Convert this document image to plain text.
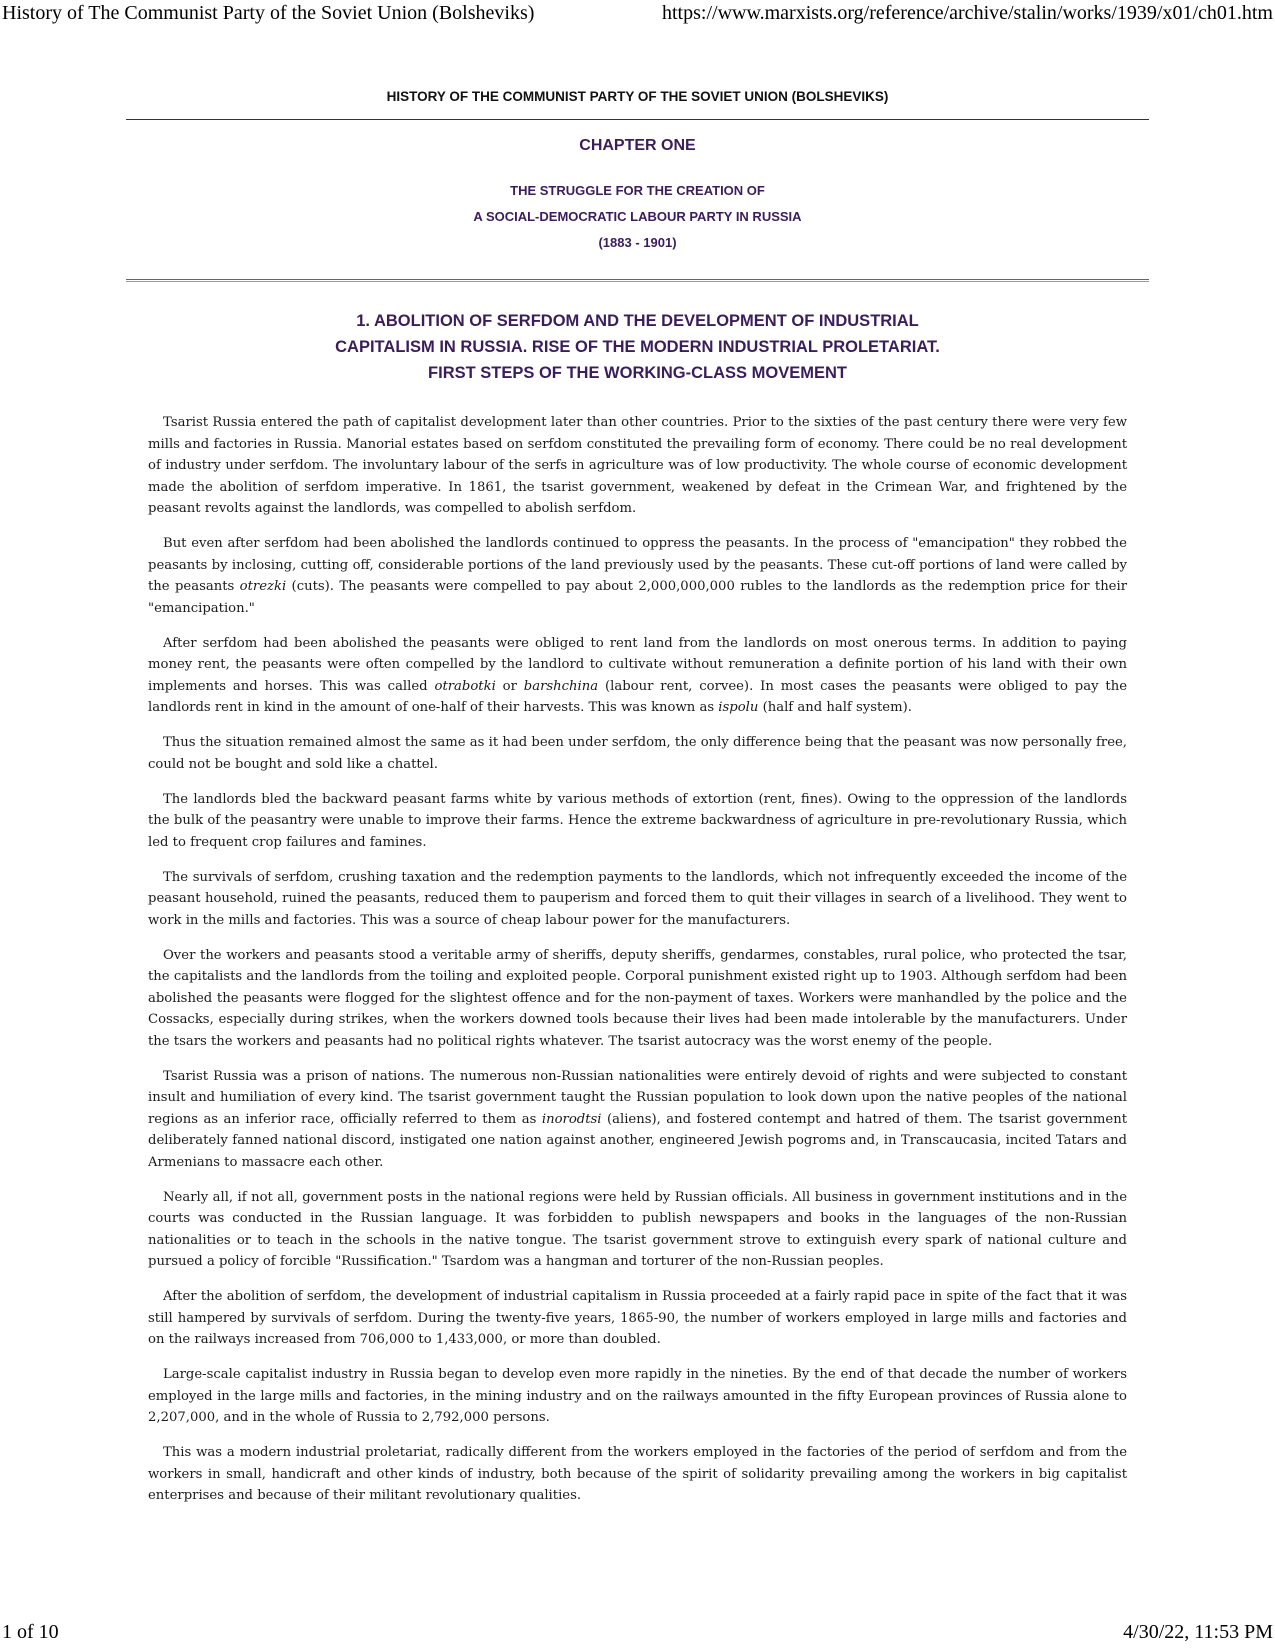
History of The Communist Party of the Soviet Union (Bolsheviks)	https://www.marxists.org/reference/archive/stalin/works/1939/x01/ch01.htm
HISTORY OF THE COMMUNIST PARTY OF THE SOVIET UNION (BOLSHEVIKS)
CHAPTER ONE
THE STRUGGLE FOR THE CREATION OF
A SOCIAL-DEMOCRATIC LABOUR PARTY IN RUSSIA
(1883 - 1901)
1. ABOLITION OF SERFDOM AND THE DEVELOPMENT OF INDUSTRIAL
CAPITALISM IN RUSSIA. RISE OF THE MODERN INDUSTRIAL PROLETARIAT.
FIRST STEPS OF THE WORKING-CLASS MOVEMENT

Tsarist Russia entered the path of capitalist development later than other countries. Prior to the sixties of the past century there were very few mills and factories in Russia. Manorial estates based on serfdom constituted the prevailing form of economy. There could be no real development of industry under serfdom. The involuntary labour of the serfs in agriculture was of low productivity. The whole course of economic development made the abolition of serfdom imperative. In 1861, the tsarist government, weakened by defeat in the Crimean War, and frightened by the peasant revolts against the landlords, was compelled to abolish serfdom.

But even after serfdom had been abolished the landlords continued to oppress the peasants. In the process of "emancipation" they robbed the peasants by inclosing, cutting off, considerable portions of the land previously used by the peasants. These cut-off portions of land were called by the peasants otrezki (cuts). The peasants were compelled to pay about 2,000,000,000 rubles to the landlords as the redemption price for their "emancipation."

After serfdom had been abolished the peasants were obliged to rent land from the landlords on most onerous terms. In addition to paying money rent, the peasants were often compelled by the landlord to cultivate without remuneration a definite portion of his land with their own implements and horses. This was called otrabotki or barshchina (labour rent, corvee). In most cases the peasants were obliged to pay the landlords rent in kind in the amount of one-half of their harvests. This was known as ispolu (half and half system).

Thus the situation remained almost the same as it had been under serfdom, the only difference being that the peasant was now personally free, could not be bought and sold like a chattel.

The landlords bled the backward peasant farms white by various methods of extortion (rent, fines). Owing to the oppression of the landlords the bulk of the peasantry were unable to improve their farms. Hence the extreme backwardness of agriculture in pre-revolutionary Russia, which led to frequent crop failures and famines.

The survivals of serfdom, crushing taxation and the redemption payments to the landlords, which not infrequently exceeded the income of the peasant household, ruined the peasants, reduced them to pauperism and forced them to quit their villages in search of a livelihood. They went to work in the mills and factories. This was a source of cheap labour power for the manufacturers.

Over the workers and peasants stood a veritable army of sheriffs, deputy sheriffs, gendarmes, constables, rural police, who protected the tsar, the capitalists and the landlords from the toiling and exploited people. Corporal punishment existed right up to 1903. Although serfdom had been abolished the peasants were flogged for the slightest offence and for the non-payment of taxes. Workers were manhandled by the police and the Cossacks, especially during strikes, when the workers downed tools because their lives had been made intolerable by the manufacturers. Under the tsars the workers and peasants had no political rights whatever. The tsarist autocracy was the worst enemy of the people.

Tsarist Russia was a prison of nations. The numerous non-Russian nationalities were entirely devoid of rights and were subjected to constant insult and humiliation of every kind. The tsarist government taught the Russian population to look down upon the native peoples of the national regions as an inferior race, officially referred to them as inorodtsi (aliens), and fostered contempt and hatred of them. The tsarist government deliberately fanned national discord, instigated one nation against another, engineered Jewish pogroms and, in Transcaucasia, incited Tatars and Armenians to massacre each other.

Nearly all, if not all, government posts in the national regions were held by Russian officials. All business in government institutions and in the courts was conducted in the Russian language. It was forbidden to publish newspapers and books in the languages of the non-Russian nationalities or to teach in the schools in the native tongue. The tsarist government strove to extinguish every spark of national culture and pursued a policy of forcible "Russification." Tsardom was a hangman and torturer of the non-Russian peoples.

After the abolition of serfdom, the development of industrial capitalism in Russia proceeded at a fairly rapid pace in spite of the fact that it was still hampered by survivals of serfdom. During the twenty-five years, 1865-90, the number of workers employed in large mills and factories and on the railways increased from 706,000 to 1,433,000, or more than doubled.

Large-scale capitalist industry in Russia began to develop even more rapidly in the nineties. By the end of that decade the number of workers employed in the large mills and factories, in the mining industry and on the railways amounted in the fifty European provinces of Russia alone to 2,207,000, and in the whole of Russia to 2,792,000 persons.

This was a modern industrial proletariat, radically different from the workers employed in the factories of the period of serfdom and from the workers in small, handicraft and other kinds of industry, both because of the spirit of solidarity prevailing among the workers in big capitalist enterprises and because of their militant revolutionary qualities.

1 of 10	4/30/22, 11:53 PM
